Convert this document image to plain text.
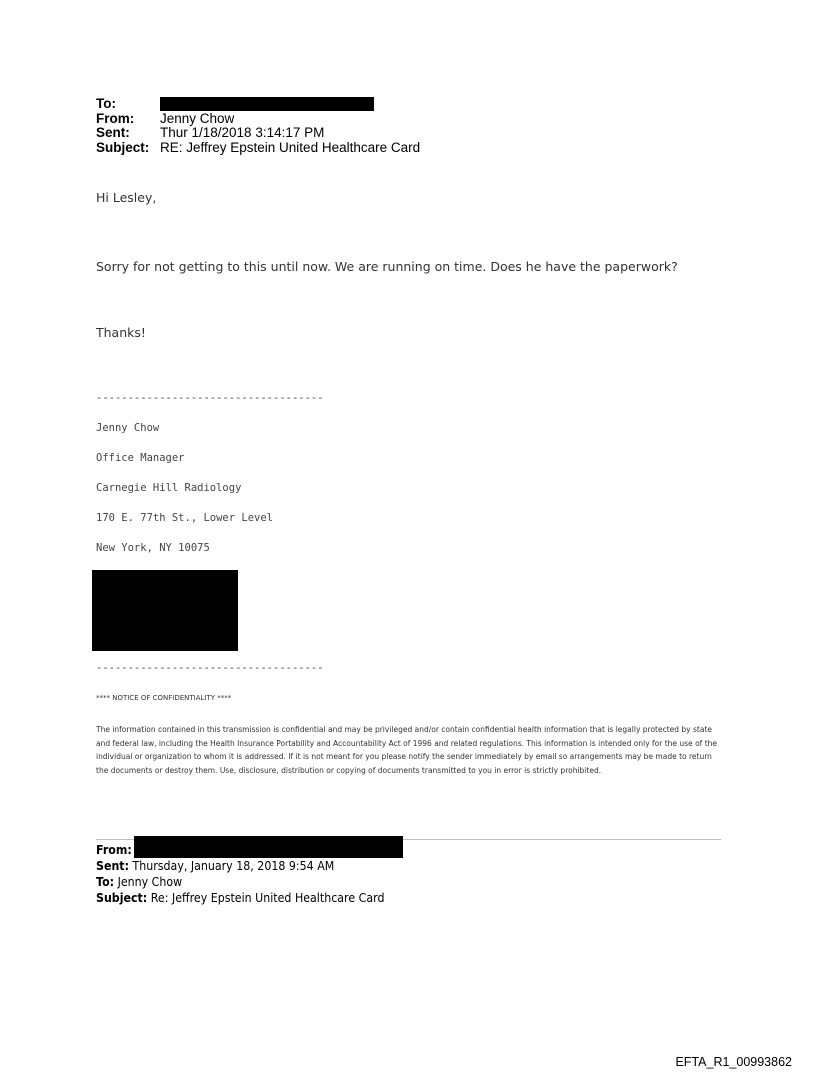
To:
From:	Jenny Chow
Sent:	Thur 1/18/2018 3:14:17 PM
Subject: RE: Jeffrey Epstein United Healthcare Card
Hi Lesley,
Sorry for not getting to this until now. We are running on time. Does he have the paperwork?
Thanks!
------------------------------------
Jenny Chow
Office Manager
Carnegie Hill Radiology
170 E. 77th St., Lower Level
New York, NY 10075
------------------------------------
**** NOTICE OF CONFIDENTIALITY ****
The information contained in this transmission is confidential and may be privileged and/or contain confidential health information that is legally protected by state and federal law, including the Health Insurance Portability and Accountability Act of 1996 and related regulations. This information is intended only for the use of the individual or organization to whom it is addressed. If it is not meant for you please notify the sender immediately by email so arrangements may be made to return the documents or destroy them. Use, disclosure, distribution or copying of documents transmitted to you in error is strictly prohibited.
From:
Sent: Thursday, January 18, 2018 9:54 AM
To: Jenny Chow
Subject: Re: Jeffrey Epstein United Healthcare Card
EFTA_R1_00993862
